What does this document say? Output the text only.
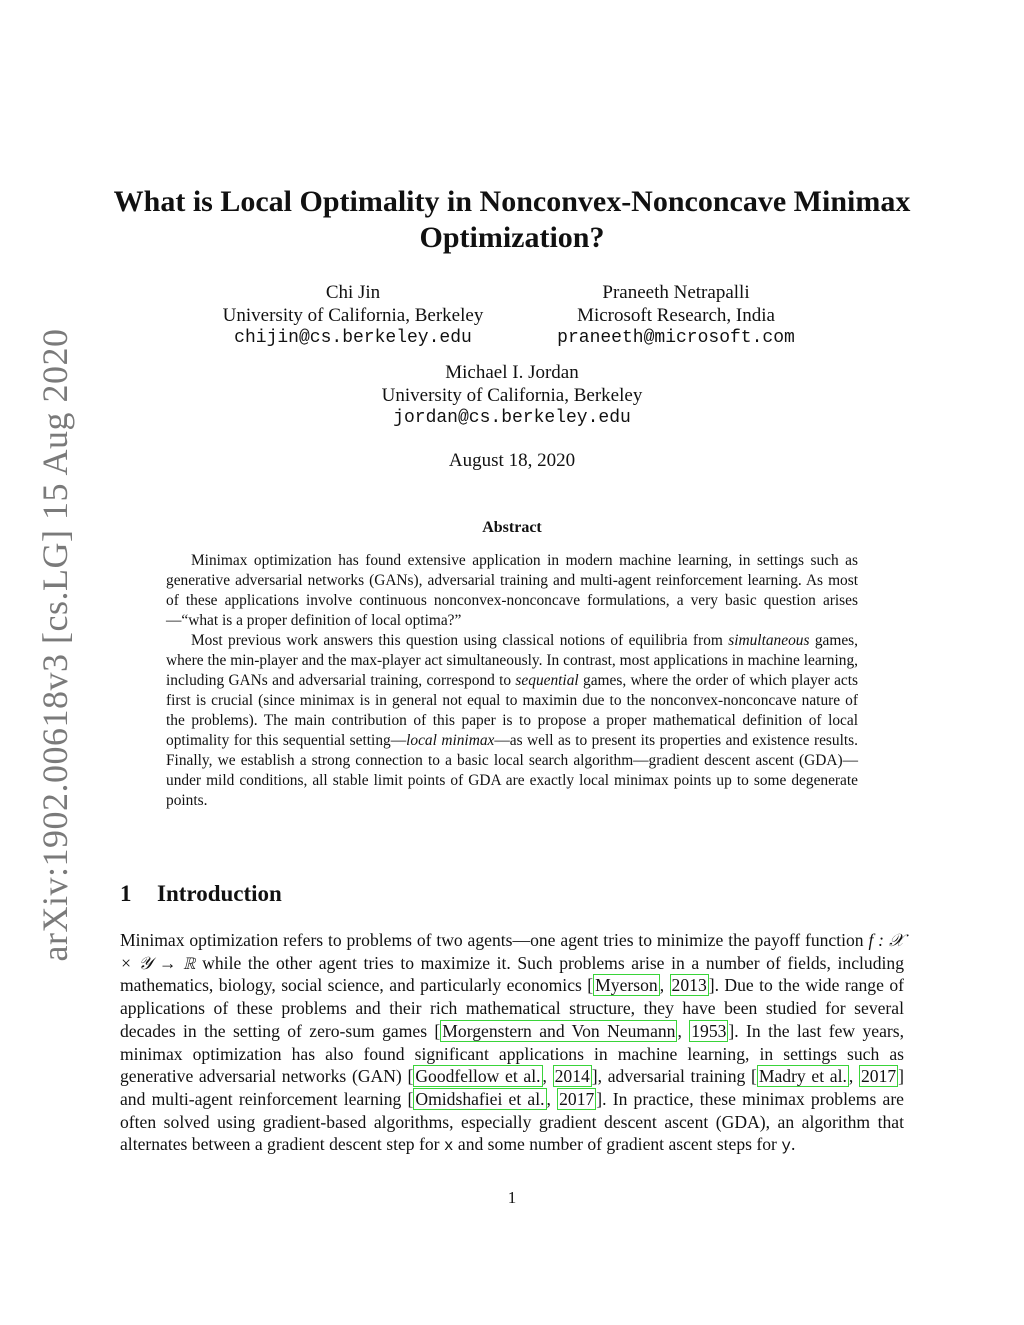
arXiv:1902.00618v3 [cs.LG] 15 Aug 2020
What is Local Optimality in Nonconvex-Nonconcave Minimax Optimization?
Chi Jin
University of California, Berkeley
chijin@cs.berkeley.edu
Praneeth Netrapalli
Microsoft Research, India
praneeth@microsoft.com
Michael I. Jordan
University of California, Berkeley
jordan@cs.berkeley.edu
August 18, 2020
Abstract

Minimax optimization has found extensive application in modern machine learning, in settings such as generative adversarial networks (GANs), adversarial training and multi-agent reinforcement learning. As most of these applications involve continuous nonconvex-nonconcave formulations, a very basic question arises—“what is a proper definition of local optima?”

Most previous work answers this question using classical notions of equilibria from simultaneous games, where the min-player and the max-player act simultaneously. In contrast, most applications in machine learning, including GANs and adversarial training, correspond to sequential games, where the order of which player acts first is crucial (since minimax is in general not equal to maximin due to the nonconvex-nonconcave nature of the problems). The main contribution of this paper is to propose a proper mathematical definition of local optimality for this sequential setting—local minimax—as well as to present its properties and existence results. Finally, we establish a strong connection to a basic local search algorithm—gradient descent ascent (GDA)—under mild conditions, all stable limit points of GDA are exactly local minimax points up to some degenerate points.

1 Introduction

Minimax optimization refers to problems of two agents—one agent tries to minimize the payoff function f : 𝒳 × 𝒴 → ℝ while the other agent tries to maximize it. Such problems arise in a number of fields, including mathematics, biology, social science, and particularly economics [ Myerson , 2013 ]. Due to the wide range of applications of these problems and their rich mathematical structure, they have been studied for several decades in the setting of zero-sum games [ Morgenstern and Von Neumann , 1953 ]. In the last few years, minimax optimization has also found significant applications in machine learning, in settings such as generative adversarial networks (GAN) [ Goodfellow et al. , 2014 ], adversarial training [ Madry et al. , 2017 ] and multi-agent reinforcement learning [ Omidshafiei et al. , 2017 ]. In practice, these minimax problems are often solved using gradient-based algorithms, especially gradient descent ascent (GDA), an algorithm that alternates between a gradient descent step for x and some number of gradient ascent steps for y.

1
